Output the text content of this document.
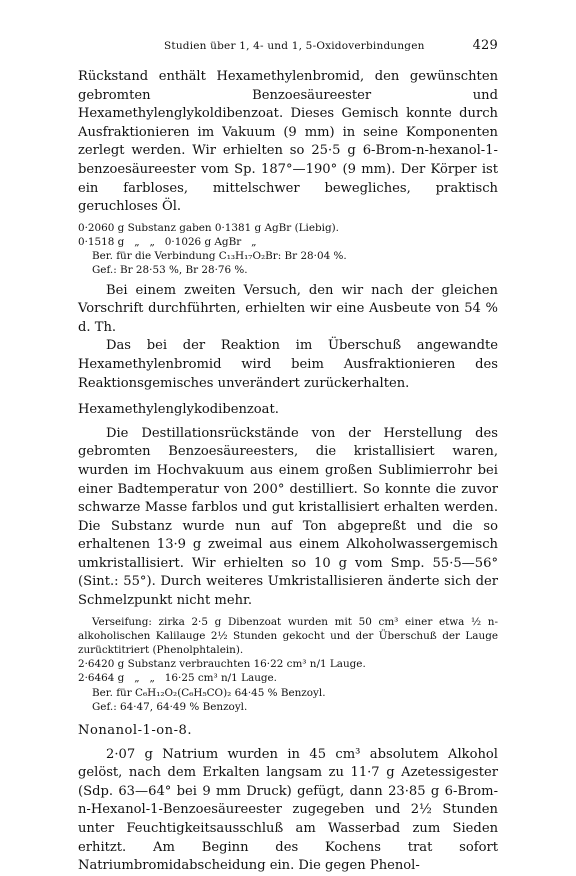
Studien über 1, 4- und 1, 5-Oxidoverbindungen	429

Rückstand enthält Hexamethylenbromid, den gewünschten gebromten Benzoesäureester und Hexamethylenglykoldibenzoat. Dieses Gemisch konnte durch Ausfraktionieren im Vakuum (9 mm) in seine Komponenten zerlegt werden. Wir erhielten so 25·5 g 6-Brom-n-hexanol-1-benzoesäureester vom Sp. 187°—190° (9 mm). Der Körper ist ein farbloses, mittelschwer bewegliches, praktisch geruchloses Öl.

0·2060 g Substanz gaben 0·1381 g AgBr (Liebig).

0·1518 g   „   „   0·1026 g AgBr   „

Ber. für die Verbindung C₁₃H₁₇O₂Br: Br 28·04 %.

Gef.: Br 28·53 %, Br 28·76 %.

Bei einem zweiten Versuch, den wir nach der gleichen Vorschrift durchführten, erhielten wir eine Ausbeute von 54 % d. Th.

Das bei der Reaktion im Überschuß angewandte Hexamethylenbromid wird beim Ausfraktionieren des Reaktionsgemisches unverändert zurückerhalten.

Hexamethylenglykodibenzoat.

Die Destillationsrückstände von der Herstellung des gebromten Benzoesäureesters, die kristallisiert waren, wurden im Hochvakuum aus einem großen Sublimierrohr bei einer Badtemperatur von 200° destilliert. So konnte die zuvor schwarze Masse farblos und gut kristallisiert erhalten werden. Die Substanz wurde nun auf Ton abgepreßt und die so erhaltenen 13·9 g zweimal aus einem Alkoholwassergemisch umkristallisiert. Wir erhielten so 10 g vom Smp. 55·5—56° (Sint.: 55°). Durch weiteres Umkristallisieren änderte sich der Schmelzpunkt nicht mehr.

Verseifung: zirka 2·5 g Dibenzoat wurden mit 50 cm³ einer etwa ½ n-alkoholischen Kalilauge 2½ Stunden gekocht und der Überschuß der Lauge zurücktitriert (Phenolphtalein).

2·6420 g Substanz verbrauchten 16·22 cm³ n/1 Lauge.

2·6464 g   „   „   16·25 cm³ n/1 Lauge.

Ber. für C₆H₁₂O₂(C₆H₅CO)₂ 64·45 % Benzoyl.

Gef.: 64·47, 64·49 % Benzoyl.

Nonanol-1-on-8.

2·07 g Natrium wurden in 45 cm³ absolutem Alkohol gelöst, nach dem Erkalten langsam zu 11·7 g Azetessigester (Sdp. 63—64° bei 9 mm Druck) gefügt, dann 23·85 g 6-Brom-n-Hexanol-1-Benzoesäureester zugegeben und 2½ Stunden unter Feuchtigkeitsausschluß am Wasserbad zum Sieden erhitzt. Am Beginn des Kochens trat sofort Natriumbromidabscheidung ein. Die gegen Phenol-
